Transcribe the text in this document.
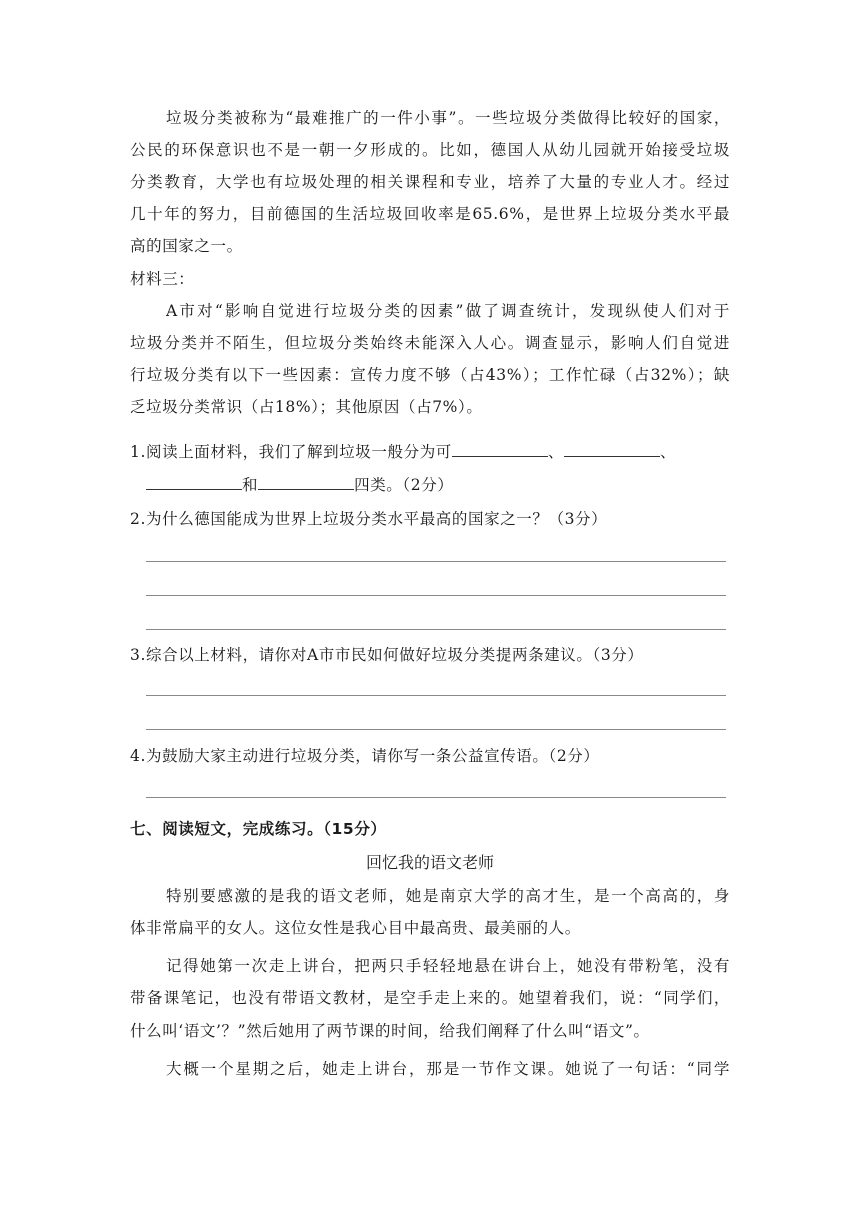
垃圾分类被称为“最难推广的一件小事”。一些垃圾分类做得比较好的国家，
公民的环保意识也不是一朝一夕形成的。比如，德国人从幼儿园就开始接受垃圾
分类教育，大学也有垃圾处理的相关课程和专业，培养了大量的专业人才。经过
几十年的努力，目前德国的生活垃圾回收率是65.6%，是世界上垃圾分类水平最
高的国家之一。
材料三：
A市对“影响自觉进行垃圾分类的因素”做了调查统计，发现纵使人们对于
垃圾分类并不陌生，但垃圾分类始终未能深入人心。调查显示，影响人们自觉进
行垃圾分类有以下一些因素：宣传力度不够（占43%）；工作忙碌（占32%）；缺
乏垃圾分类常识（占18%）；其他原因（占7%）。
1.阅读上面材料，我们了解到垃圾一般分为可	、	、
和	四类。（2分）
2.为什么德国能成为世界上垃圾分类水平最高的国家之一？（3分）
3.综合以上材料，请你对A市市民如何做好垃圾分类提两条建议。（3分）
4.为鼓励大家主动进行垃圾分类，请你写一条公益宣传语。（2分）
七、阅读短文，完成练习。（15分）
回忆我的语文老师
特别要感激的是我的语文老师，她是南京大学的高才生，是一个高高的，身
体非常扁平的女人。这位女性是我心目中最高贵、最美丽的人。
记得她第一次走上讲台，把两只手轻轻地悬在讲台上，她没有带粉笔，没有
带备课笔记，也没有带语文教材，是空手走上来的。她望着我们，说：“同学们，
什么叫‘语文’？”然后她用了两节课的时间，给我们阐释了什么叫“语文”。
大概一个星期之后，她走上讲台，那是一节作文课。她说了一句话：“同学
